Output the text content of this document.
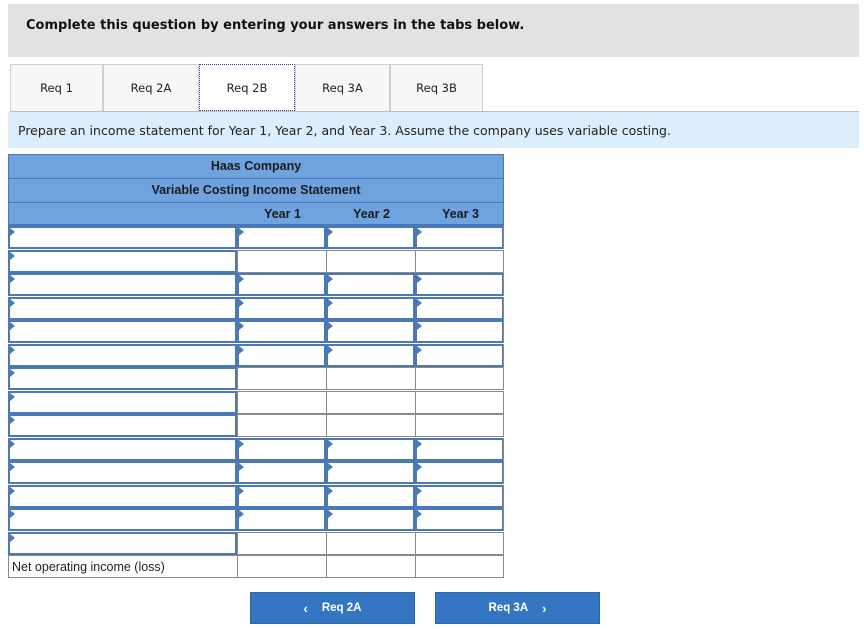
Complete this question by entering your answers in the tabs below.
Req 1	Req 2A	Req 2B	Req 3A	Req 3B
Prepare an income statement for Year 1, Year 2, and Year 3. Assume the company uses variable costing.
Haas Company
Variable Costing Income Statement
Year 1	Year 2	Year 3
Net operating income (loss)
‹ Req 2A	Req 3A ›
